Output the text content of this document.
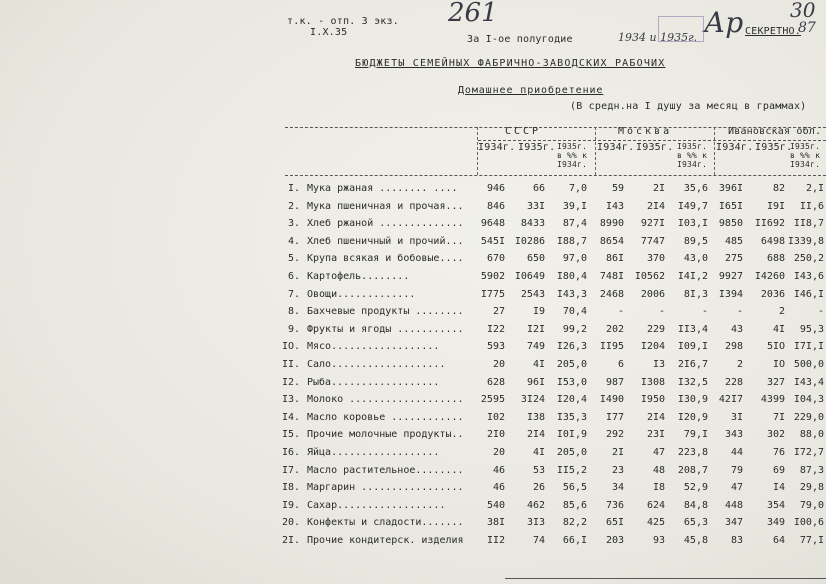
т.к. - отп. 3 экз.
I.X.35
261	Ар 30
87
За I-ое полугодие	1934 и 1935г.	СЕКРЕТНО.
БЮДЖЕТЫ СЕМЕЙНЫХ ФАБРИЧНО-ЗАВОДСКИХ РАБОЧИХ
Домашнее приобретение
(В средн.на I душу за месяц в граммах)
СССР	Москва	Ивановская обл.
I934г. I935г. I935г. в %% к I934г.
I934г. I935г. I935г. в %% к I934г.
I934г. I935г.
I935г. в %% к I934г.
I. Мука ржаная ........ ....	946	66	7,0	59	2I	35,6	396I	82	2,I
2. Мука пшеничная и прочая...	846	33I	39,I	I43	2I4	I49,7	I65I	I9I	II,6
3. Хлеб ржаной ..............	9648	8433	87,4	8990	927I	I03,I	9850	II692 II8,7
4. Хлеб пшеничный и прочий...	545I I0286	I88,7	8654	7747	89,5	485	6498 I339,8
5. Крупа всякая и бобовые....	670	650	97,0	86I	370	43,0	275	688 250,2
6. Картофель........	5902 I0649	I80,4	748I	I0562	I4I,2	9927	I4260 I43,6
7. Овощи.............	I775	2543	I43,3	2468	2006	8I,3	I394	2036 I46,I
8. Бахчевые продукты ........	27	I9	70,4	-	-	-	-	2	-
9. Фрукты и ягоды ...........	I22	I2I	99,2	202	229	II3,4	43	4I	95,3
IO. Мясо..................	593	749	I26,3	II95	I204	I09,I	298	5IO I7I,I
II. Сало...................	20	4I	205,0	6	I3	2I6,7	2	IO 500,0
I2. Рыба..................	628	96I	I53,0	987	I308	I32,5	228	327 I43,4
I3. Молоко ...................	2595	3I24	I20,4	I490	I950	I30,9	42I7	4399 I04,3
I4. Масло коровье ............	I02	I38	I35,3	I77	2I4	I20,9	3I	7I 229,0
I5. Прочие молочные продукты..	2I0	2I4	I0I,9	292	23I	79,I	343	302	88,0
I6. Яйца..................	20	4I	205,0	2I	47	223,8	44	76 I72,7
I7. Масло растительное........	46	53	II5,2	23	48	208,7	79	69	87,3
I8. Маргарин .................	46	26	56,5	34	I8	52,9	47	I4	29,8
I9. Сахар..................	540	462	85,6	736	624	84,8	448	354	79,0
20. Конфекты и сладости.......	38I	3I3	82,2	65I	425	65,3	347	349 I00,6
2I. Прочие кондитерск. изделия	II2	74	66,I	203	93	45,8	83	64	77,I
